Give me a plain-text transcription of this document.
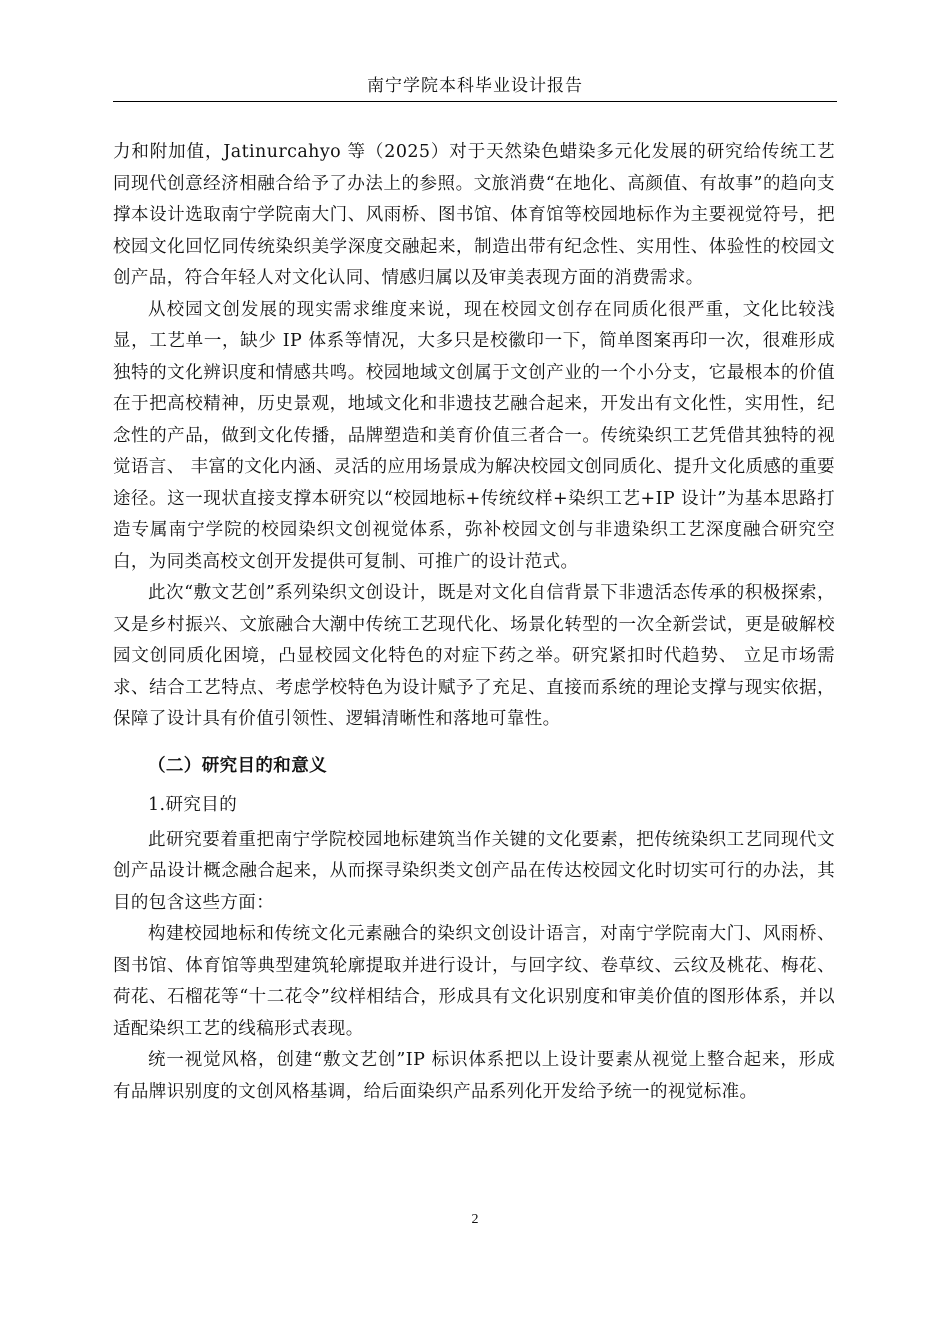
南宁学院本科毕业设计报告

力和附加值，Jatinurcahyo 等（2025）对于天然染色蜡染多元化发展的研究给传统工艺同现代创意经济相融合给予了办法上的参照。文旅消费“在地化、高颜值、有故事”的趋向支撑本设计选取南宁学院南大门、风雨桥、图书馆、体育馆等校园地标作为主要视觉符号，把校园文化回忆同传统染织美学深度交融起来，制造出带有纪念性、实用性、体验性的校园文创产品，符合年轻人对文化认同、情感归属以及审美表现方面的消费需求。

从校园文创发展的现实需求维度来说，现在校园文创存在同质化很严重，文化比较浅显，工艺单一，缺少 IP 体系等情况，大多只是校徽印一下，简单图案再印一次，很难形成独特的文化辨识度和情感共鸣。校园地域文创属于文创产业的一个小分支，它最根本的价值在于把高校精神，历史景观，地域文化和非遗技艺融合起来，开发出有文化性，实用性，纪念性的产品，做到文化传播，品牌塑造和美育价值三者合一。传统染织工艺凭借其独特的视觉语言、 丰富的文化内涵、灵活的应用场景成为解决校园文创同质化、提升文化质感的重要途径。这一现状直接支撑本研究以“校园地标+传统纹样+染织工艺+IP 设计”为基本思路打造专属南宁学院的校园染织文创视觉体系，弥补校园文创与非遗染织工艺深度融合研究空白，为同类高校文创开发提供可复制、可推广的设计范式。

此次“敷文艺创”系列染织文创设计，既是对文化自信背景下非遗活态传承的积极探索，又是乡村振兴、文旅融合大潮中传统工艺现代化、场景化转型的一次全新尝试，更是破解校园文创同质化困境，凸显校园文化特色的对症下药之举。研究紧扣时代趋势、 立足市场需求、结合工艺特点、考虑学校特色为设计赋予了充足、直接而系统的理论支撑与现实依据，保障了设计具有价值引领性、逻辑清晰性和落地可靠性。

（二）研究目的和意义
1.研究目的

此研究要着重把南宁学院校园地标建筑当作关键的文化要素，把传统染织工艺同现代文创产品设计概念融合起来，从而探寻染织类文创产品在传达校园文化时切实可行的办法，其目的包含这些方面：

构建校园地标和传统文化元素融合的染织文创设计语言，对南宁学院南大门、风雨桥、图书馆、体育馆等典型建筑轮廓提取并进行设计，与回字纹、卷草纹、云纹及桃花、梅花、荷花、石榴花等“十二花令”纹样相结合，形成具有文化识别度和审美价值的图形体系，并以适配染织工艺的线稿形式表现。

统一视觉风格，创建“敷文艺创”IP 标识体系把以上设计要素从视觉上整合起来，形成有品牌识别度的文创风格基调，给后面染织产品系列化开发给予统一的视觉标准。

2
